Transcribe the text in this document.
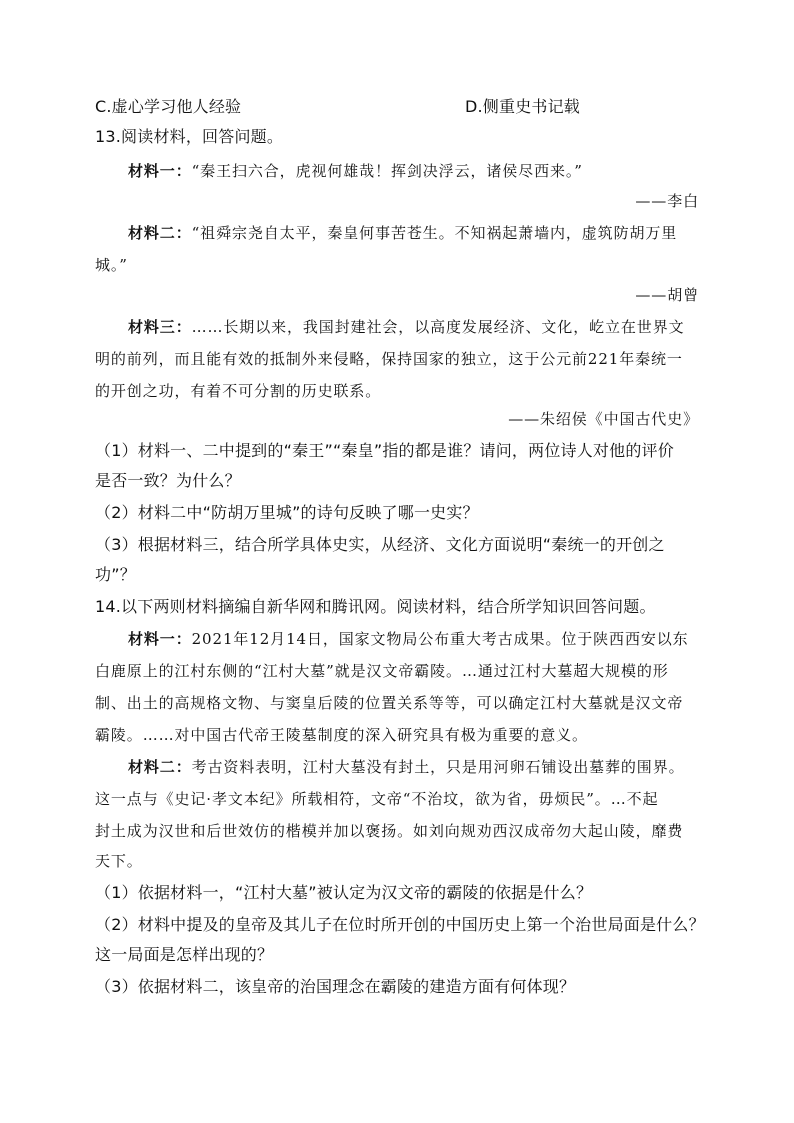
C.虚心学习他人经验	D.侧重史书记载
13.阅读材料，回答问题。
材料一：“秦王扫六合，虎视何雄哉！挥剑决浮云，诸侯尽西来。”
——李白
材料二：“祖舜宗尧自太平，秦皇何事苦苍生。不知祸起萧墙内，虚筑防胡万里
城。”
——胡曾
材料三：……长期以来，我国封建社会，以高度发展经济、文化，屹立在世界文
明的前列，而且能有效的抵制外来侵略，保持国家的独立，这于公元前221年秦统一
的开创之功，有着不可分割的历史联系。
——朱绍侯《中国古代史》
（1）材料一、二中提到的“秦王”“秦皇”指的都是谁？请问，两位诗人对他的评价
是否一致？为什么？
（2）材料二中“防胡万里城”的诗句反映了哪一史实？
（3）根据材料三，结合所学具体史实，从经济、文化方面说明“秦统一的开创之
功”？
14.以下两则材料摘编自新华网和腾讯网。阅读材料，结合所学知识回答问题。
材料一：2021年12月14日，国家文物局公布重大考古成果。位于陕西西安以东
白鹿原上的江村东侧的“江村大墓”就是汉文帝霸陵。…通过江村大墓超大规模的形
制、出土的高规格文物、与窦皇后陵的位置关系等等，可以确定江村大墓就是汉文帝
霸陵。……对中国古代帝王陵墓制度的深入研究具有极为重要的意义。
材料二：考古资料表明，江村大墓没有封土，只是用河卵石铺设出墓葬的围界。
这一点与《史记·孝文本纪》所载相符，文帝“不治坟，欲为省，毋烦民”。…不起
封土成为汉世和后世效仿的楷模并加以褒扬。如刘向规劝西汉成帝勿大起山陵，靡费
天下。
（1）依据材料一，“江村大墓”被认定为汉文帝的霸陵的依据是什么？
（2）材料中提及的皇帝及其儿子在位时所开创的中国历史上第一个治世局面是什么？
这一局面是怎样出现的？
（3）依据材料二，该皇帝的治国理念在霸陵的建造方面有何体现？
